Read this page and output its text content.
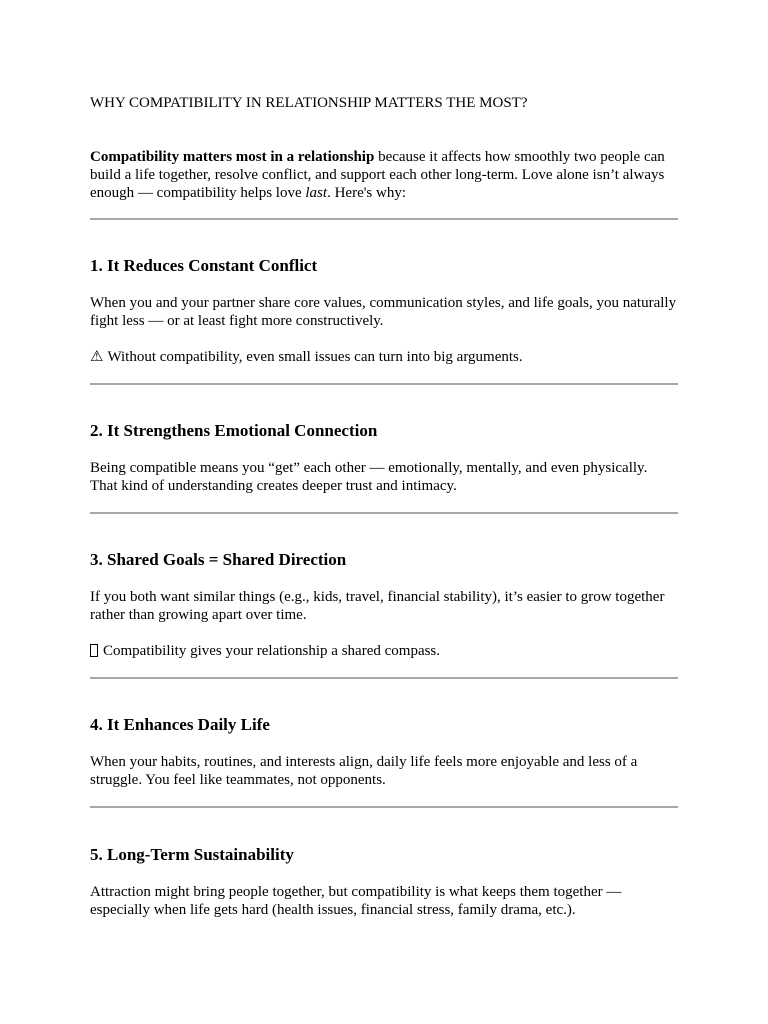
WHY COMPATIBILITY IN RELATIONSHIP MATTERS THE MOST?
Compatibility matters most in a relationship because it affects how smoothly two people can build a life together, resolve conflict, and support each other long-term. Love alone isn’t always enough — compatibility helps love last. Here's why:
1. It Reduces Constant Conflict
When you and your partner share core values, communication styles, and life goals, you naturally fight less — or at least fight more constructively.
⚠ Without compatibility, even small issues can turn into big arguments.
2. It Strengthens Emotional Connection
Being compatible means you “get” each other — emotionally, mentally, and even physically. That kind of understanding creates deeper trust and intimacy.
3. Shared Goals = Shared Direction
If you both want similar things (e.g., kids, travel, financial stability), it’s easier to grow together rather than growing apart over time.
Compatibility gives your relationship a shared compass.
4. It Enhances Daily Life
When your habits, routines, and interests align, daily life feels more enjoyable and less of a struggle. You feel like teammates, not opponents.
5. Long-Term Sustainability
Attraction might bring people together, but compatibility is what keeps them together — especially when life gets hard (health issues, financial stress, family drama, etc.).
